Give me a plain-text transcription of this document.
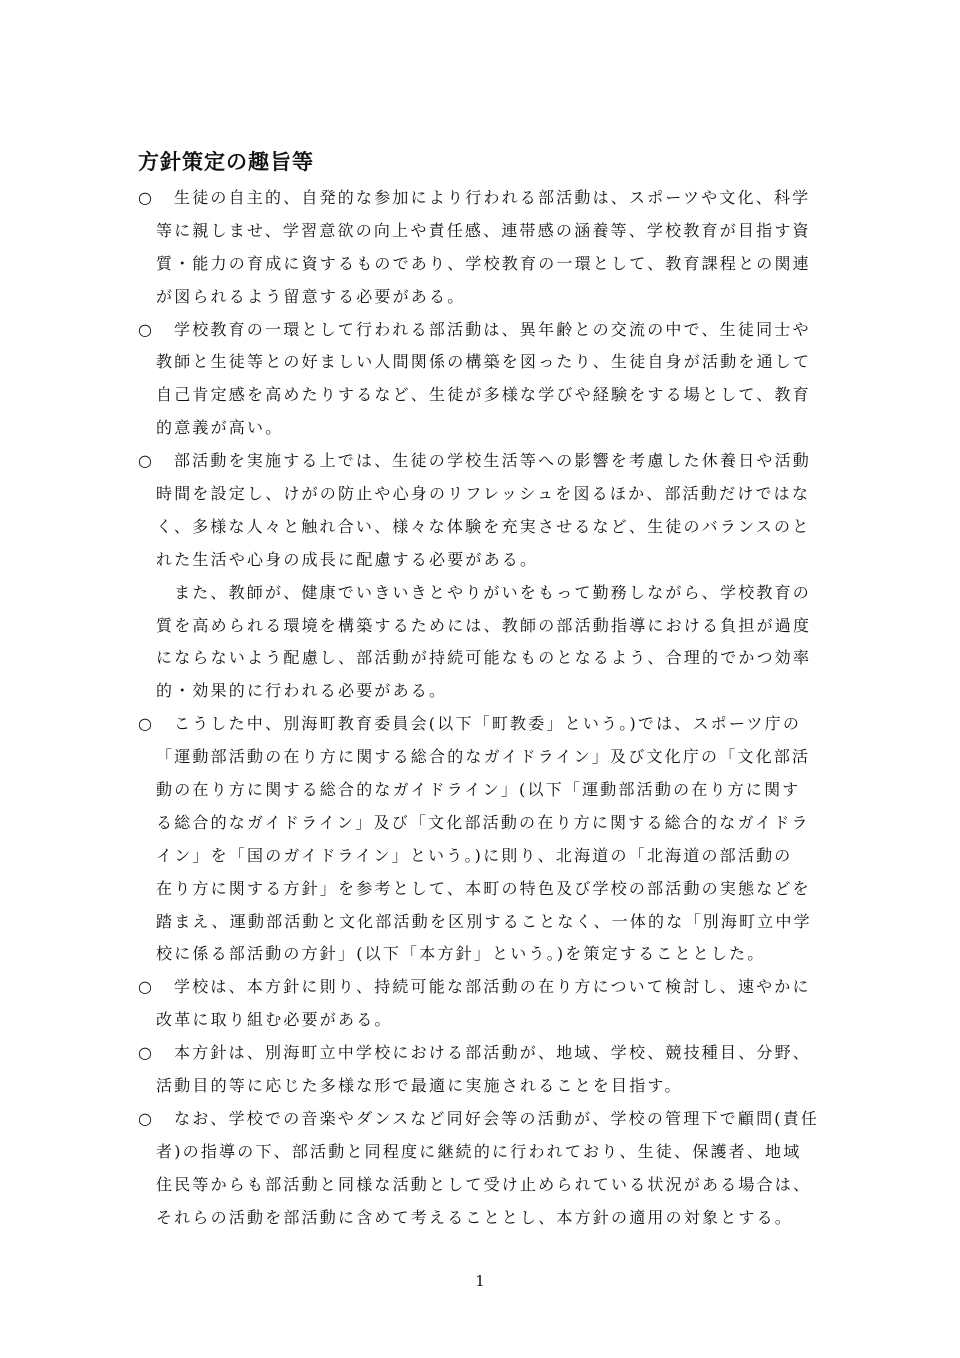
方針策定の趣旨等
○ 生徒の自主的、自発的な参加により行われる部活動は、スポーツや文化、科学
等に親しませ、学習意欲の向上や責任感、連帯感の涵養等、学校教育が目指す資
質・能力の育成に資するものであり、学校教育の一環として、教育課程との関連
が図られるよう留意する必要がある。
○ 学校教育の一環として行われる部活動は、異年齢との交流の中で、生徒同士や
教師と生徒等との好ましい人間関係の構築を図ったり、生徒自身が活動を通して
自己肯定感を高めたりするなど、生徒が多様な学びや経験をする場として、教育
的意義が高い。
○ 部活動を実施する上では、生徒の学校生活等への影響を考慮した休養日や活動
時間を設定し、けがの防止や心身のリフレッシュを図るほか、部活動だけではな
く、多様な人々と触れ合い、様々な体験を充実させるなど、生徒のバランスのと
れた生活や心身の成長に配慮する必要がある。
また、教師が、健康でいきいきとやりがいをもって勤務しながら、学校教育の
質を高められる環境を構築するためには、教師の部活動指導における負担が過度
にならないよう配慮し、部活動が持続可能なものとなるよう、合理的でかつ効率
的・効果的に行われる必要がある。
○ こうした中、別海町教育委員会(以下「町教委」という。)では、スポーツ庁の
「運動部活動の在り方に関する総合的なガイドライン」及び文化庁の「文化部活
動の在り方に関する総合的なガイドライン」(以下「運動部活動の在り方に関す
る総合的なガイドライン」及び「文化部活動の在り方に関する総合的なガイドラ
イン」を「国のガイドライン」という。)に則り、北海道の「北海道の部活動の
在り方に関する方針」を参考として、本町の特色及び学校の部活動の実態などを
踏まえ、運動部活動と文化部活動を区別することなく、一体的な「別海町立中学
校に係る部活動の方針」(以下「本方針」という。)を策定することとした。
○ 学校は、本方針に則り、持続可能な部活動の在り方について検討し、速やかに
改革に取り組む必要がある。
○ 本方針は、別海町立中学校における部活動が、地域、学校、競技種目、分野、
活動目的等に応じた多様な形で最適に実施されることを目指す。
○ なお、学校での音楽やダンスなど同好会等の活動が、学校の管理下で顧問(責任
者)の指導の下、部活動と同程度に継続的に行われており、生徒、保護者、地域
住民等からも部活動と同様な活動として受け止められている状況がある場合は、
それらの活動を部活動に含めて考えることとし、本方針の適用の対象とする。
1
